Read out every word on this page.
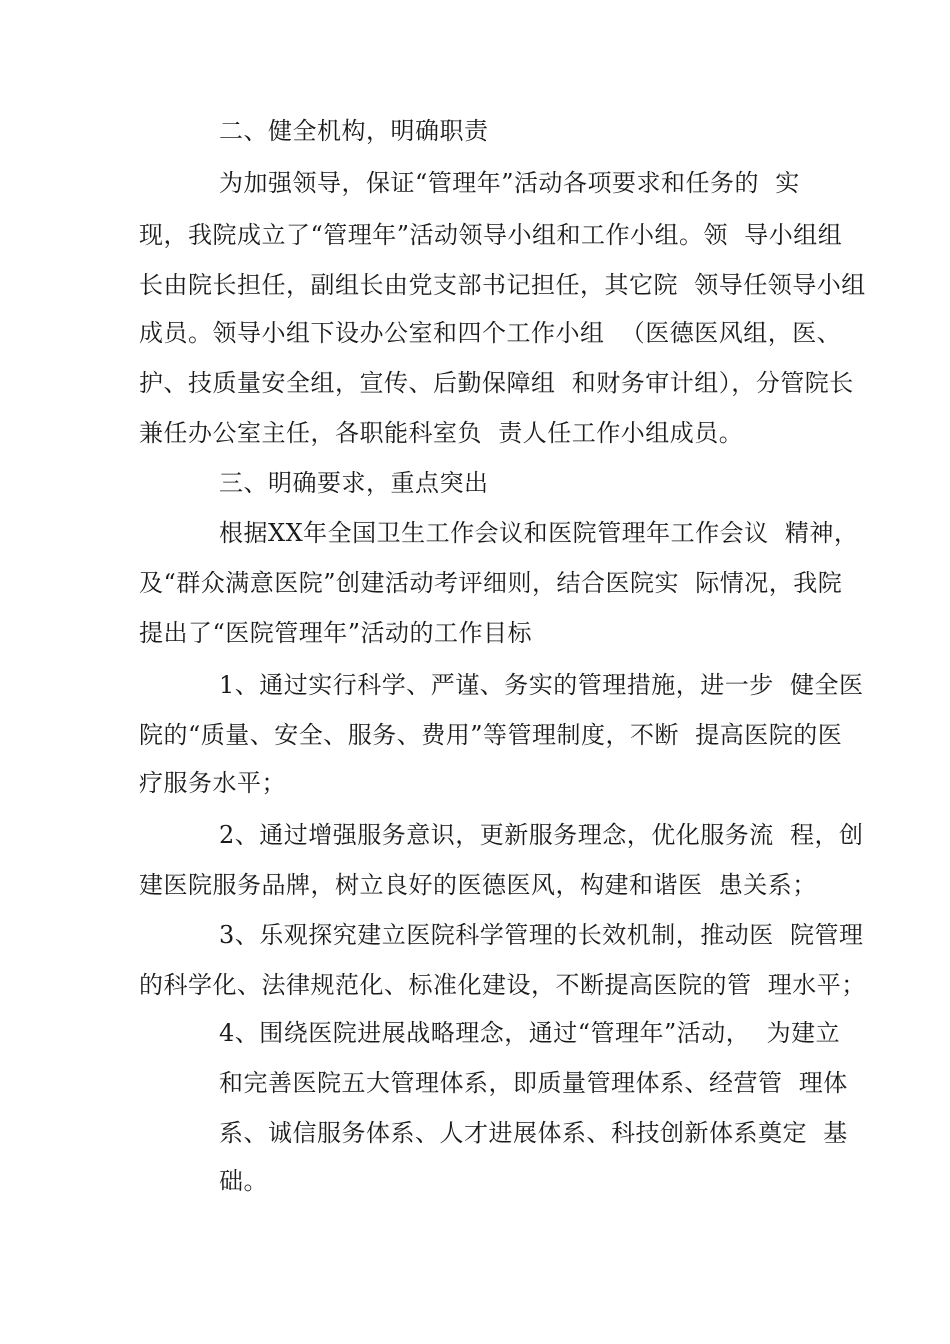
二、健全机构，明确职责
为加强领导，保证“管理年”活动各项要求和任务的  实
现，我院成立了“管理年”活动领导小组和工作小组。领  导小组组
长由院长担任，副组长由党支部书记担任，其它院  领导任领导小组
成员。领导小组下设办公室和四个工作小组  （医德医风组，医、
护、技质量安全组，宣传、后勤保障组  和财务审计组），分管院长
兼任办公室主任，各职能科室负  责人任工作小组成员。
三、明确要求，重点突出
根据XX年全国卫生工作会议和医院管理年工作会议  精神，
及“群众满意医院”创建活动考评细则，结合医院实  际情况，我院
提出了“医院管理年”活动的工作目标
1、通过实行科学、严谨、务实的管理措施，进一步  健全医
院的“质量、安全、服务、费用”等管理制度，不断  提高医院的医
疗服务水平；
2、通过增强服务意识，更新服务理念，优化服务流  程，创
建医院服务品牌，树立良好的医德医风，构建和谐医  患关系；
3、乐观探究建立医院科学管理的长效机制，推动医  院管理
的科学化、法律规范化、标准化建设，不断提高医院的管  理水平；
4、围绕医院进展战略理念，通过“管理年”活动，  为建立
和完善医院五大管理体系，即质量管理体系、经营管  理体
系、诚信服务体系、人才进展体系、科技创新体系奠定  基
础。
